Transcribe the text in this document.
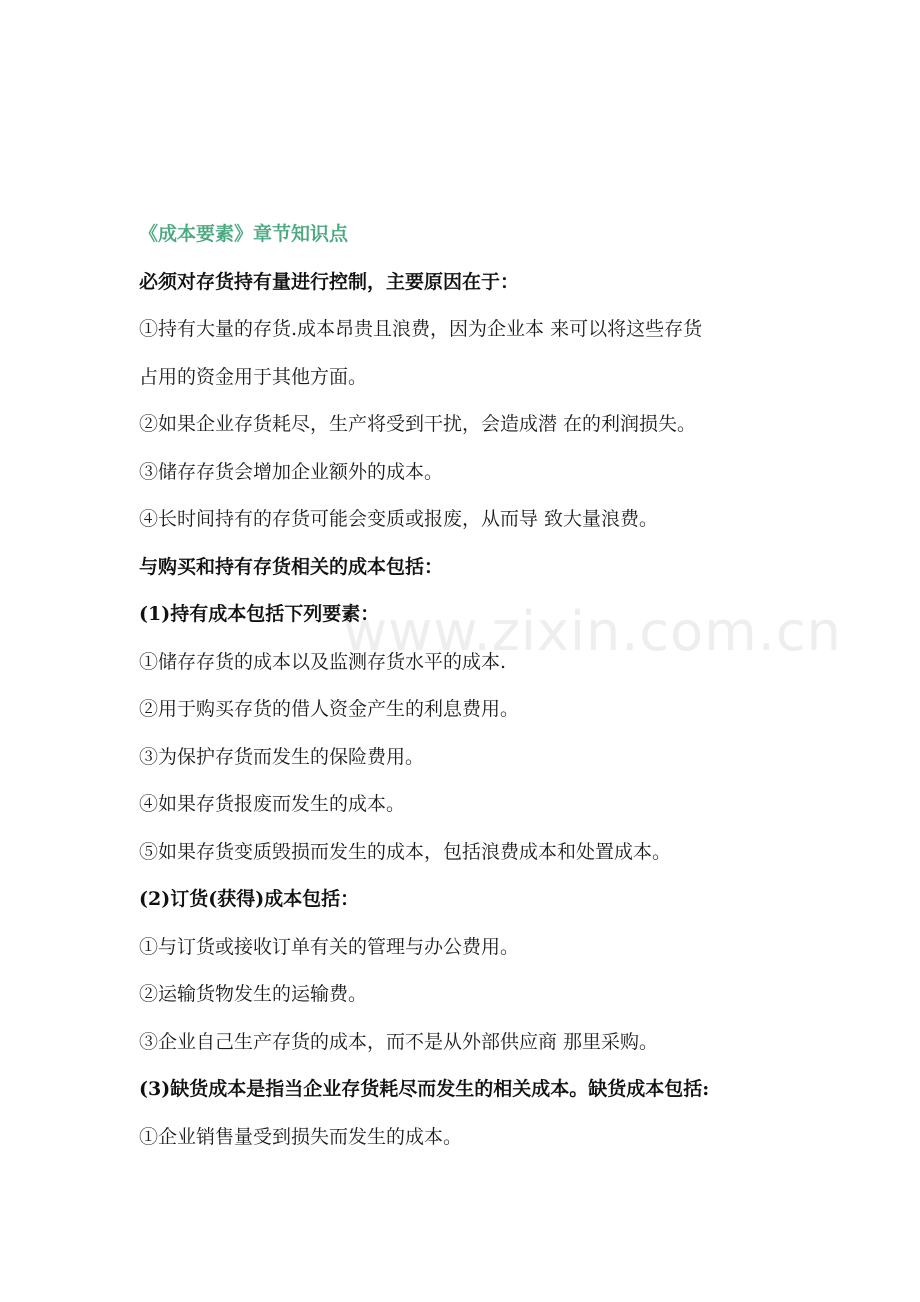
www.zixin.com.cn
《成本要素》章节知识点
必须对存货持有量进行控制，主要原因在于：
①持有大量的存货.成本昂贵且浪费，因为企业本 来可以将这些存货
占用的资金用于其他方面。
②如果企业存货耗尽，生产将受到干扰，会造成潜 在的利润损失。
③储存存货会增加企业额外的成本。
④长时间持有的存货可能会变质或报废，从而导 致大量浪费。
与购买和持有存货相关的成本包括：
(1)持有成本包括下列要素：
①储存存货的成本以及监测存货水平的成本.
②用于购买存货的借人资金产生的利息费用。
③为保护存货而发生的保险费用。
④如果存货报废而发生的成本。
⑤如果存货变质毁损而发生的成本，包括浪费成本和处置成本。
(2)订货(获得)成本包括：
①与订货或接收订单有关的管理与办公费用。
②运输货物发生的运输费。
③企业自己生产存货的成本，而不是从外部供应商 那里采购。
(3)缺货成本是指当企业存货耗尽而发生的相关成本。缺货成本包括:
①企业销售量受到损失而发生的成本。
